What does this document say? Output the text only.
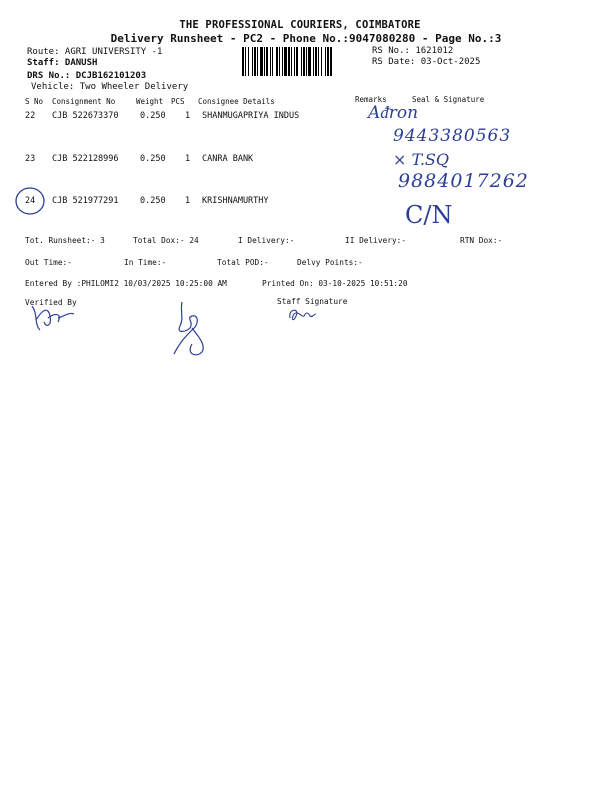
THE PROFESSIONAL COURIERS, COIMBATORE
Delivery Runsheet - PC2 - Phone No.:9047080280 - Page No.:3
Route: AGRI UNIVERSITY -1
Staff: DANUSH
DRS No.: DCJB162101203
Vehicle: Two Wheeler Delivery
RS No.: 1621012
RS Date: 03-Oct-2025
S No Consignment No	Weight PCS Consignee Details	Remarks	Seal & Signature
22 CJB 522673370	0.250 1 SHANMUGAPRIYA INDUS
23 CJB 522128996	0.250 1 CANRA BANK
24 CJB 521977291	0.250 1 KRISHNAMURTHY
Aᵭron
9443380563
× T.SQ
9884017262
C/N
Tot. Runsheet:- 3	Total Dox:- 24	I Delivery:-	II Delivery:-	RTN Dox:-
Out Time:-	In Time:-	Total POD:-	Delvy Points:-
Entered By :PHILOMI2 10/03/2025 10:25:00 AM	Printed On: 03-10-2025 10:51:20
Verified By	Staff Signature
